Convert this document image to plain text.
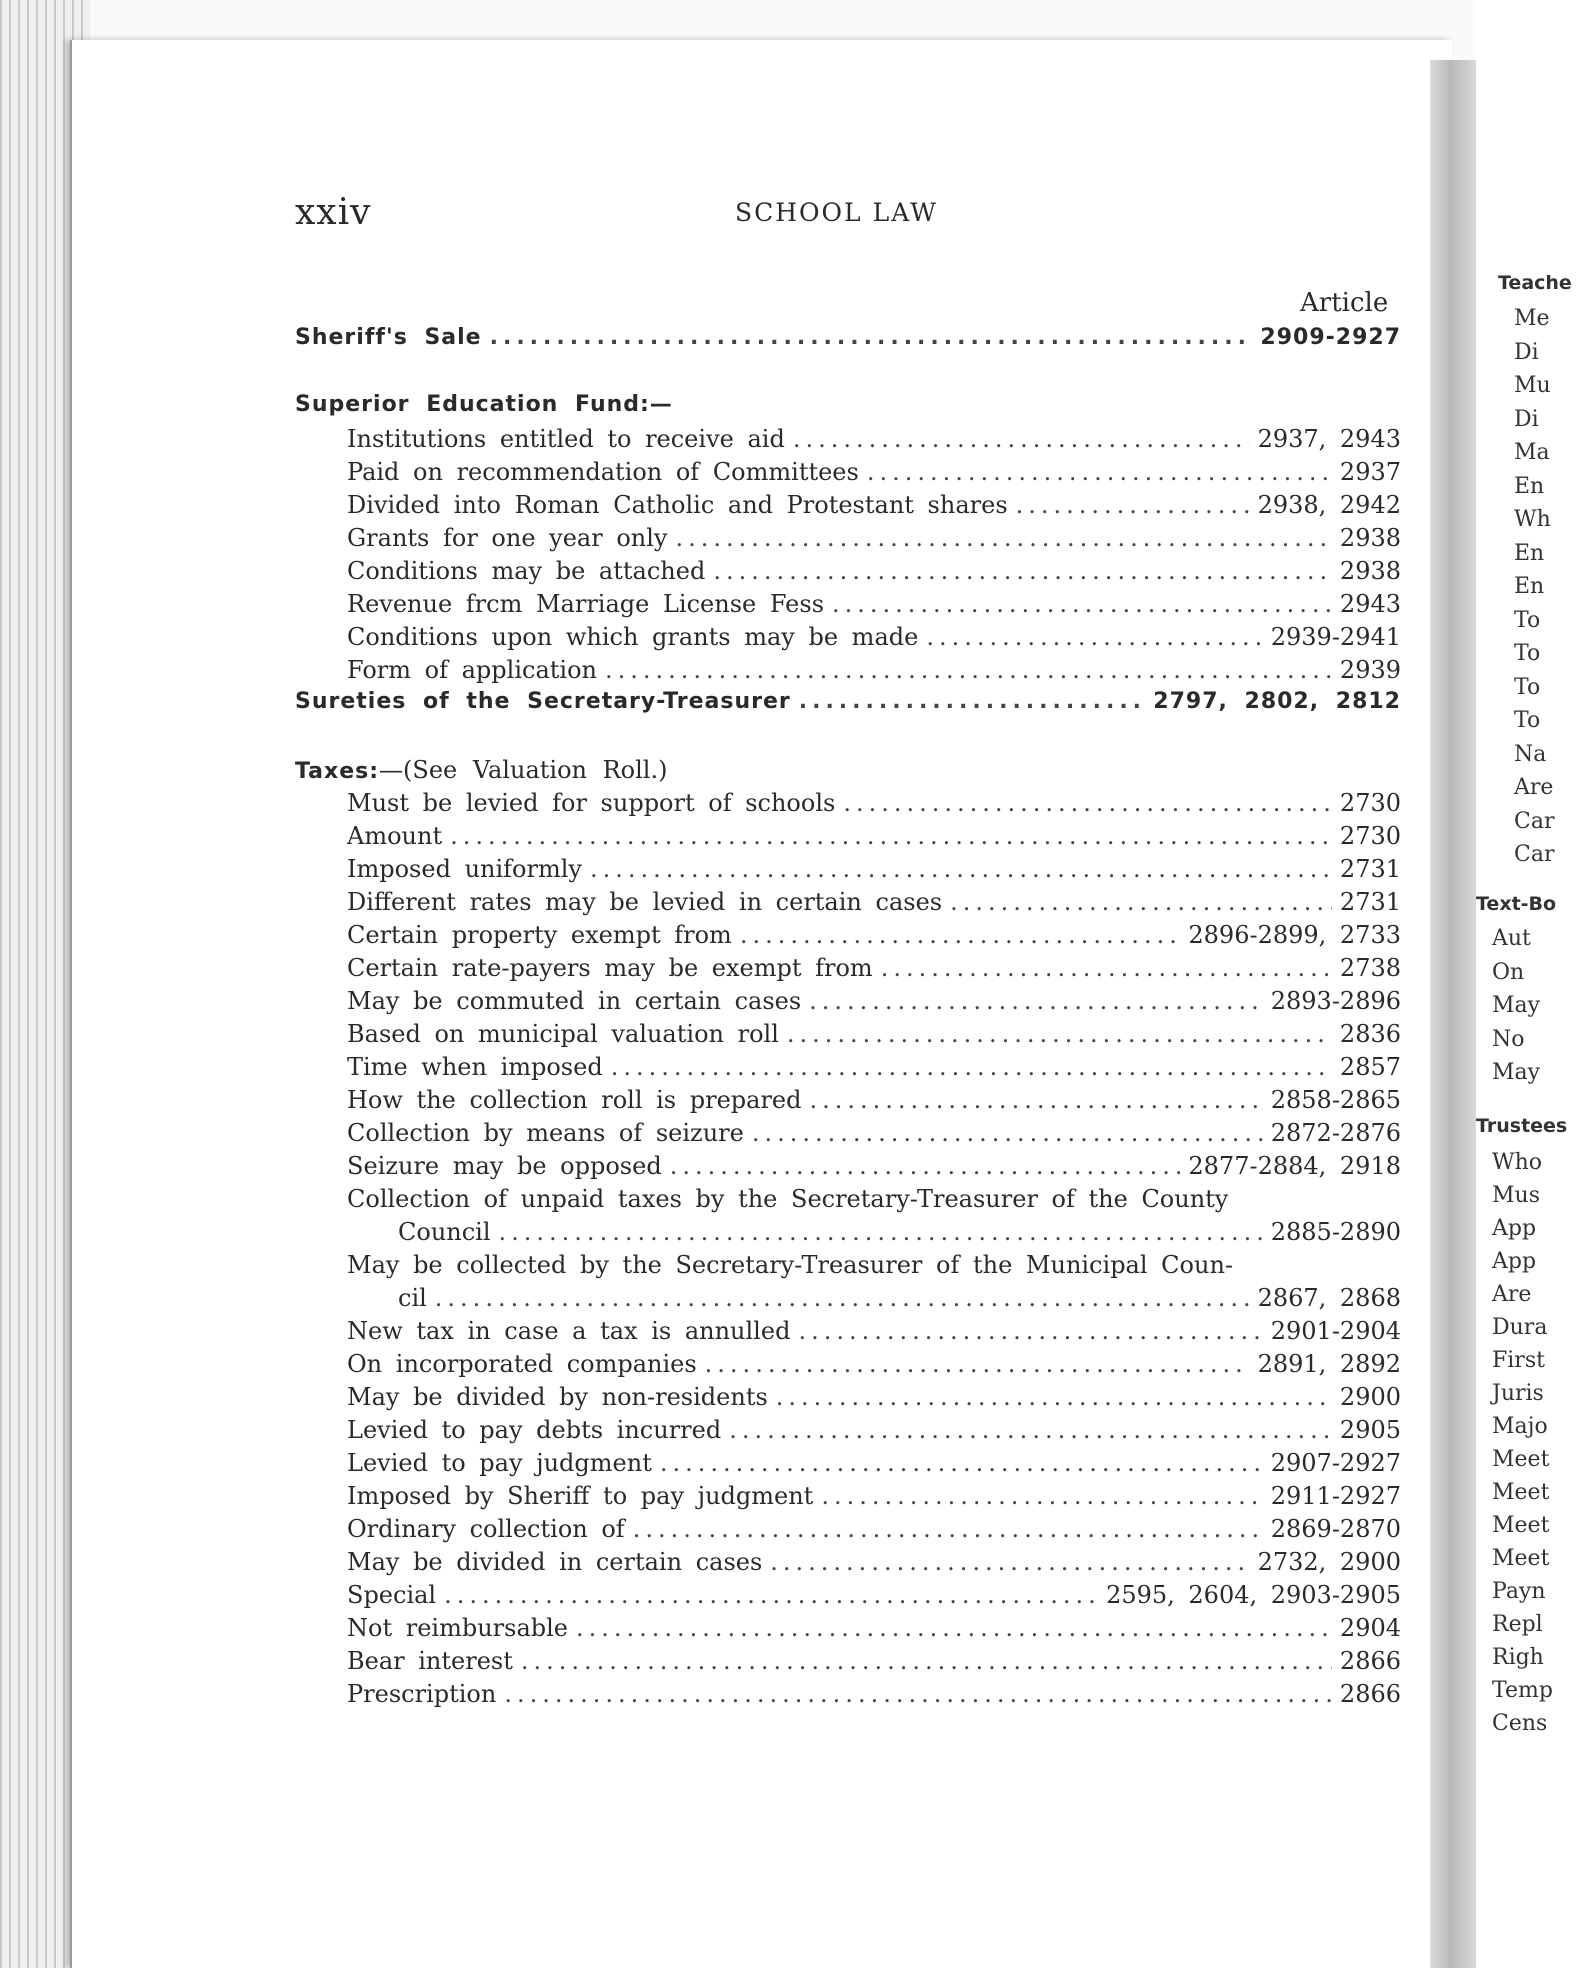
Teache
Me
Di
Mu
Di
Ma
En
Wh
En
En
To
To
To
To
Na
Are
Car
Car
Text-Bo
Aut
On
May
No
May
Trustees
Who
Mus
App
App
Are
Dura
First
Juris
Majo
Meet
Meet
Meet
Meet
Payn
Repl
Righ
Temp
Cens
xxiv	SCHOOL LAW
Article
Sheriff's Sale .....	2909-2927
Superior Education Fund:—
Institutions entitled to receive aid .....	2937, 2943
Paid on recommendation of Committees .....	2937
Divided into Roman Catholic and Protestant shares .....	2938, 2942
Grants for one year only .....	2938
Conditions may be attached .....	2938
Revenue frcm Marriage License Fess .....	2943
Conditions upon which grants may be made .....	2939-2941
Form of application .....	2939
Sureties of the Secretary-Treasurer .....	2797, 2802, 2812
Taxes: —(See Valuation Roll.)
Must be levied for support of schools .....	2730
Amount .....	2730
Imposed uniformly .....	2731
Different rates may be levied in certain cases .....	2731
Certain property exempt from .....	2896-2899, 2733
Certain rate-payers may be exempt from .....	2738
May be commuted in certain cases .....	2893-2896
Based on municipal valuation roll .....	2836
Time when imposed .....	2857
How the collection roll is prepared .....	2858-2865
Collection by means of seizure .....	2872-2876
Seizure may be opposed .....	2877-2884, 2918
Collection of unpaid taxes by the Secretary-Treasurer of the County
Council .....	2885-2890
May be collected by the Secretary-Treasurer of the Municipal Coun-
cil .....	2867, 2868
New tax in case a tax is annulled .....	2901-2904
On incorporated companies .....	2891, 2892
May be divided by non-residents .....	2900
Levied to pay debts incurred .....	2905
Levied to pay judgment .....	2907-2927
Imposed by Sheriff to pay judgment .....	2911-2927
Ordinary collection of .....	2869-2870
May be divided in certain cases .....	2732, 2900
Special .....	2595, 2604, 2903-2905
Not reimbursable .....	2904
Bear interest .....	2866
Prescription .....	2866
